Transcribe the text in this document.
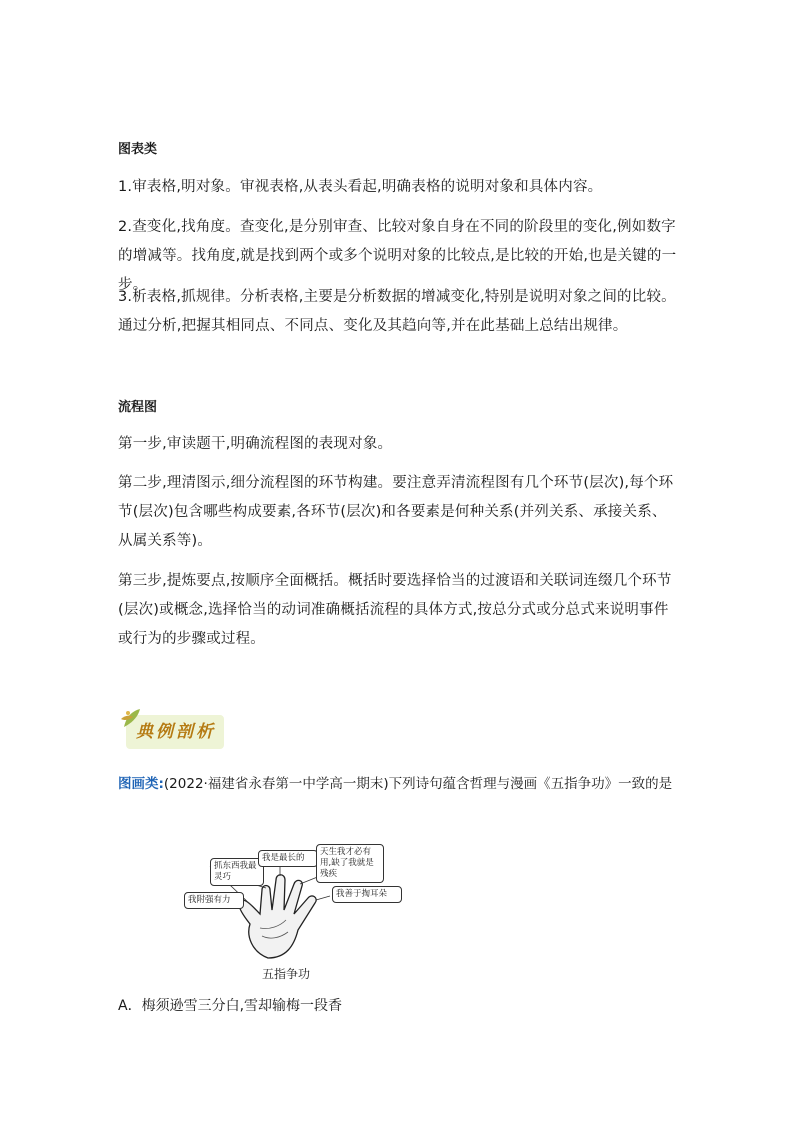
图表类
1.审表格,明对象。审视表格,从表头看起,明确表格的说明对象和具体内容。
2.查变化,找角度。查变化,是分别审查、比较对象自身在不同的阶段里的变化,例如数字的增减等。找角度,就是找到两个或多个说明对象的比较点,是比较的开始,也是关键的一步。
3.析表格,抓规律。分析表格,主要是分析数据的增减变化,特别是说明对象之间的比较。通过分析,把握其相同点、不同点、变化及其趋向等,并在此基础上总结出规律。
流程图
第一步,审读题干,明确流程图的表现对象。
第二步,理清图示,细分流程图的环节构建。要注意弄清流程图有几个环节(层次),每个环节(层次)包含哪些构成要素,各环节(层次)和各要素是何种关系(并列关系、承接关系、从属关系等)。
第三步,提炼要点,按顺序全面概括。概括时要选择恰当的过渡语和关联词连缀几个环节(层次)或概念,选择恰当的动词准确概括流程的具体方式,按总分式或分总式来说明事件或行为的步骤或过程。
典例剖析
图画类:(2022·福建省永春第一中学高一期末)下列诗句蕴含哲理与漫画《五指争功》一致的是
抓东西我最灵巧
我是最长的
天生我才必有用,缺了我就是残疾
我附强有力
我善于掏耳朵
五指争功
A．梅须逊雪三分白,雪却输梅一段香
